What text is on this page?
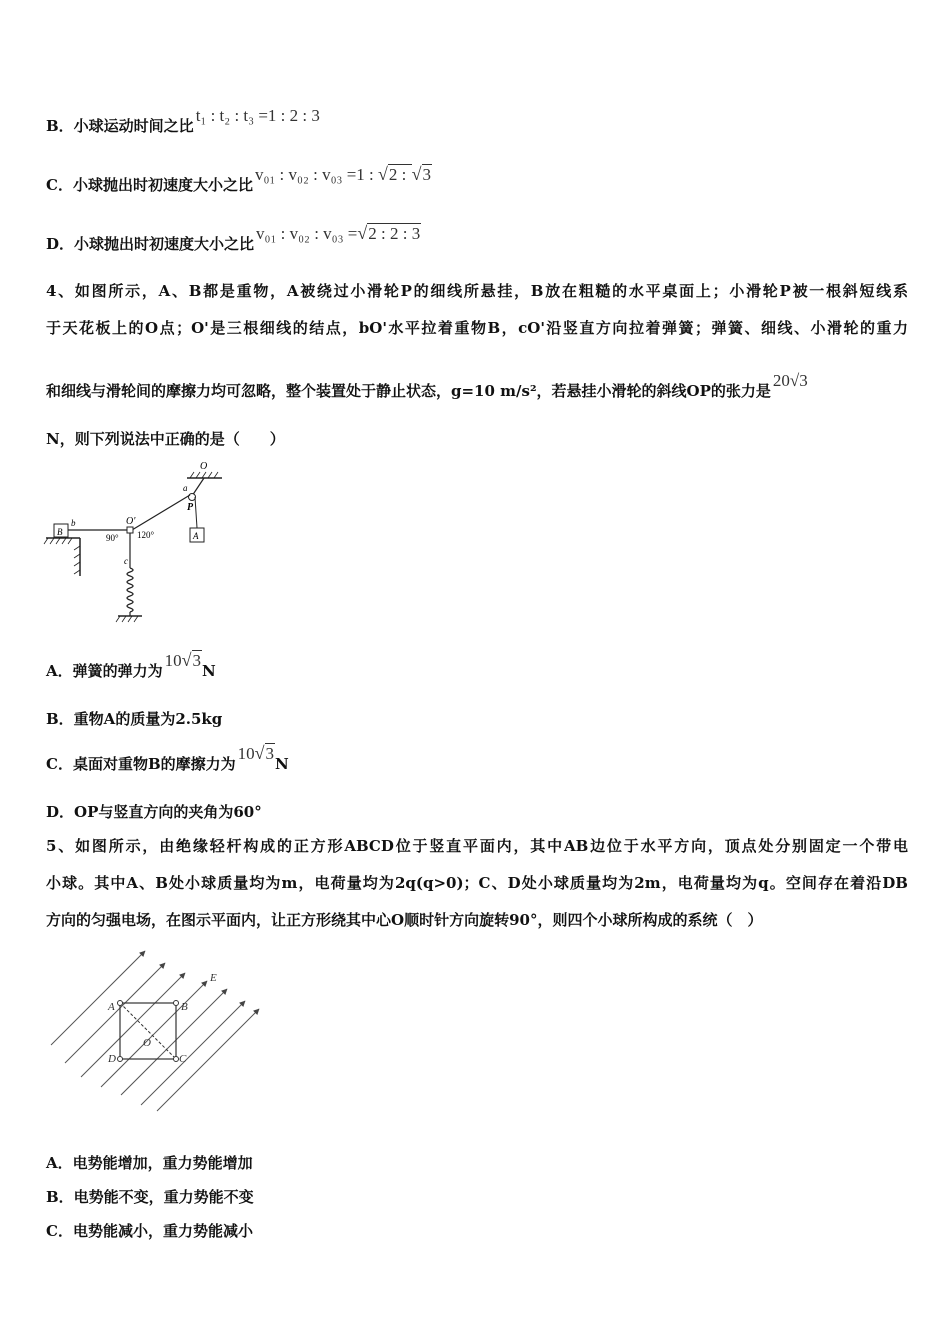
B．小球运动时间之比t₁ : t₂ : t₃ =1 : 2 : 3
C．小球抛出时初速度大小之比v₀₁ : v₀₂ : v₀₃ =1 : √2 : √3
D．小球抛出时初速度大小之比v₀₁ : v₀₂ : v₀₃ =√2 : 2 : 3
4、如图所示，A、B都是重物，A被绕过小滑轮P的细线所悬挂，B放在粗糙的水平桌面上；小滑轮P被一根斜短线系
于天花板上的O点；O'是三根细线的结点，bO'水平拉着重物B，cO'沿竖直方向拉着弹簧；弹簧、细线、小滑轮的重力
和细线与滑轮间的摩擦力均可忽略，整个装置处于静止状态，g=10 m/s²，若悬挂小滑轮的斜线OP的张力是20√3
N，则下列说法中正确的是（　　）
O
a
P
A
B
b	O'
90° 120°
c
A．弹簧的弹力为10√3N
B．重物A的质量为2.5kg
C．桌面对重物B的摩擦力为10√3N
D．OP与竖直方向的夹角为60°
5、如图所示，由绝缘轻杆构成的正方形ABCD位于竖直平面内，其中AB边位于水平方向，顶点处分别固定一个带电
小球。其中A、B处小球质量均为m，电荷量均为2q(q>0)；C、D处小球质量均为2m，电荷量均为q。空间存在着沿DB
方向的匀强电场，在图示平面内，让正方形绕其中心O顺时针方向旋转90°，则四个小球所构成的系统（　）
E
A	B
C
D
O
A．电势能增加，重力势能增加
B．电势能不变，重力势能不变
C．电势能减小，重力势能减小
